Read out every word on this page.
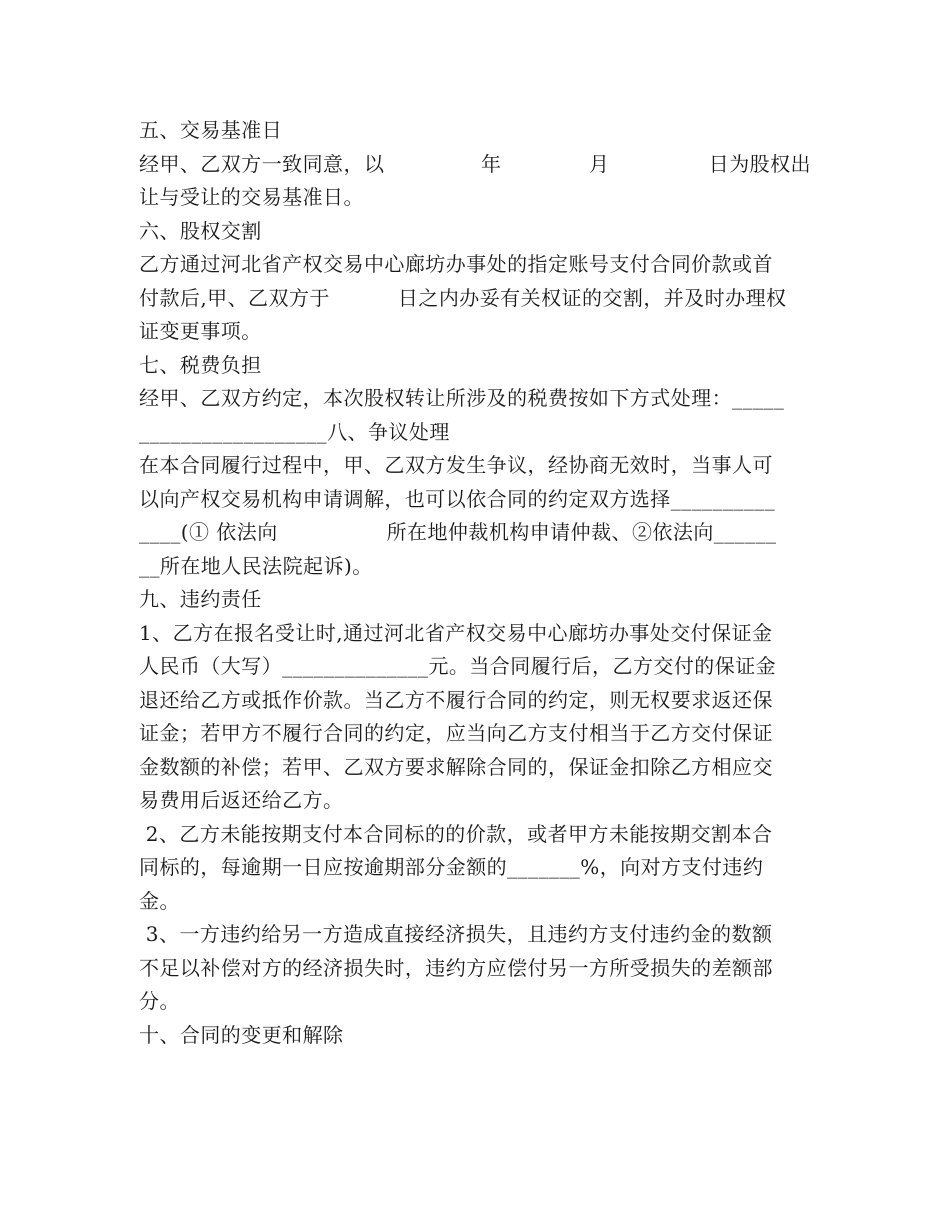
五、交易基准日
经甲、乙双方一致同意，以	年	月	日为股权出
让与受让的交易基准日。
六、股权交割
乙方通过河北省产权交易中心廊坊办事处的指定账号支付合同价款或首
付款后,甲、乙双方于          日之内办妥有关权证的交割，并及时办理权
证变更事项。
七、税费负担
经甲、乙双方约定，本次股权转让所涉及的税费按如下方式处理：_____
__________________八、争议处理
在本合同履行过程中，甲、乙双方发生争议，经协商无效时，当事人可
以向产权交易机构申请调解，也可以依合同的约定双方选择__________
____(① 依法向                所在地仲裁机构申请仲裁、②依法向______
__所在地人民法院起诉)。
九、违约责任
1、乙方在报名受让时,通过河北省产权交易中心廊坊办事处交付保证金
人民币（大写）______________元。当合同履行后，乙方交付的保证金
退还给乙方或抵作价款。当乙方不履行合同的约定，则无权要求返还保
证金；若甲方不履行合同的约定，应当向乙方支付相当于乙方交付保证
金数额的补偿；若甲、乙双方要求解除合同的，保证金扣除乙方相应交
易费用后返还给乙方。
2、乙方未能按期支付本合同标的的价款，或者甲方未能按期交割本合
同标的，每逾期一日应按逾期部分金额的_______%，向对方支付违约
金。
3、一方违约给另一方造成直接经济损失，且违约方支付违约金的数额
不足以补偿对方的经济损失时，违约方应偿付另一方所受损失的差额部
分。
十、合同的变更和解除
